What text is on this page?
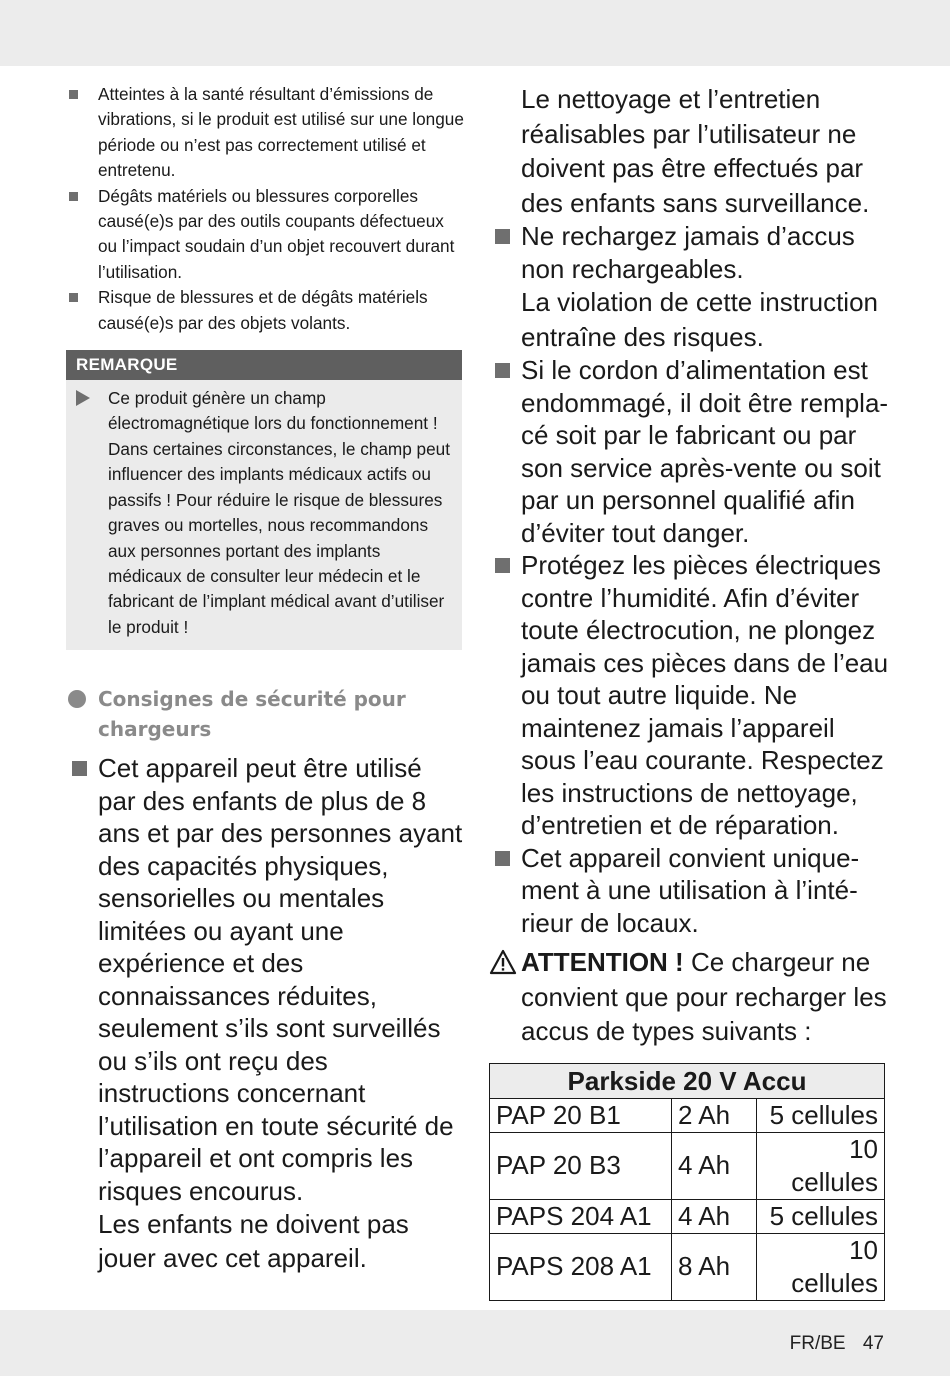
Atteintes à la santé résultant d’émissions de vibrations, si le produit est utilisé sur une longue période ou n’est pas correctement utilisé et entretenu.
Dégâts matériels ou blessures corporelles causé(e)s par des outils coupants défectueux ou l’impact soudain d’un objet recouvert durant l’utilisation.
Risque de blessures et de dégâts matériels causé(e)s par des objets volants.
REMARQUE
Ce produit génère un champ électromagnétique lors du fonctionnement ! Dans certaines circonstances, le champ peut influencer des implants médicaux actifs ou passifs ! Pour réduire le risque de blessures graves ou mortelles, nous recommandons aux personnes portant des implants médicaux de consulter leur médecin et le fabricant de l’implant médical avant d’utiliser le produit !
Consignes de sécurité pour chargeurs
Cet appareil peut être utilisé par des enfants de plus de 8 ans et par des personnes ayant des capacités physiques, sensorielles ou mentales limitées ou ayant une expérience et des connaissances réduites, seulement s’ils sont surveillés ou s’ils ont reçu des instructions concernant l’utilisation en toute sécurité de l’appareil et ont compris les risques encourus.
Les enfants ne doivent pas jouer avec cet appareil.
Le nettoyage et l’entretien réalisables par l’utilisateur ne doivent pas être effectués par des enfants sans surveillance.
Ne rechargez jamais d’accus non rechargeables.
La violation de cette instruction entraîne des risques.
Si le cordon d’alimentation est endommagé, il doit être rempla-cé soit par le fabricant ou par son service après-vente ou soit par un personnel qualifié afin d’éviter tout danger.
Protégez les pièces électriques contre l’humidité. Afin d’éviter toute électrocution, ne plongez jamais ces pièces dans de l’eau ou tout autre liquide. Ne maintenez jamais l’appareil sous l’eau courante. Respectez les instructions de nettoyage, d’entretien et de réparation.
Cet appareil convient unique-ment à une utilisation à l’inté-rieur de locaux.
ATTENTION ! Ce chargeur ne convient que pour recharger les accus de types suivants :
Parkside 20 V Accu		
PAP 20 B1	2 Ah	5 cellules
PAP 20 B3	4 Ah	10 cellules
PAPS 204 A1	4 Ah	5 cellules
PAPS 208 A1	8 Ah	10 cellules
FR/BE 47
